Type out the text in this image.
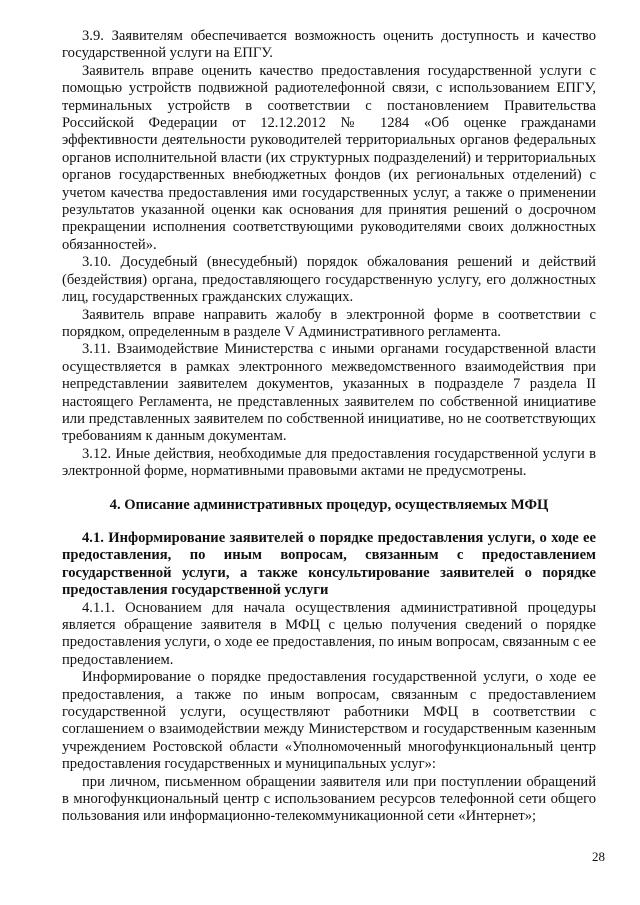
3.9. Заявителям обеспечивается возможность оценить доступность и качество государственной услуги на ЕПГУ.

Заявитель вправе оценить качество предоставления государственной услуги с помощью устройств подвижной радиотелефонной связи, с использованием ЕПГУ, терминальных устройств в соответствии с постановлением Правительства Российской Федерации от 12.12.2012 № 1284 «Об оценке гражданами эффективности деятельности руководителей территориальных органов федеральных органов исполнительной власти (их структурных подразделений) и территориальных органов государственных внебюджетных фондов (их региональных отделений) с учетом качества предоставления ими государственных услуг, а также о применении результатов указанной оценки как основания для принятия решений о досрочном прекращении исполнения соответствующими руководителями своих должностных обязанностей».

3.10. Досудебный (внесудебный) порядок обжалования решений и действий (бездействия) органа, предоставляющего государственную услугу, его должностных лиц, государственных гражданских служащих.

Заявитель вправе направить жалобу в электронной форме в соответствии с порядком, определенным в разделе V Административного регламента.

3.11. Взаимодействие Министерства с иными органами государственной власти осуществляется в рамках электронного межведомственного взаимодействия при непредставлении заявителем документов, указанных в подразделе 7 раздела II настоящего Регламента, не представленных заявителем по собственной инициативе или представленных заявителем по собственной инициативе, но не соответствующих требованиям к данным документам.

3.12. Иные действия, необходимые для предоставления государственной услуги в электронной форме, нормативными правовыми актами не предусмотрены.

4. Описание административных процедур, осуществляемых МФЦ

4.1. Информирование заявителей о порядке предоставления услуги, о ходе ее предоставления, по иным вопросам, связанным с предоставлением государственной услуги, а также консультирование заявителей о порядке предоставления государственной услуги

4.1.1. Основанием для начала осуществления административной процедуры является обращение заявителя в МФЦ с целью получения сведений о порядке предоставления услуги, о ходе ее предоставления, по иным вопросам, связанным с ее предоставлением.

Информирование о порядке предоставления государственной услуги, о ходе ее предоставления, а также по иным вопросам, связанным с предоставлением государственной услуги, осуществляют работники МФЦ в соответствии с соглашением о взаимодействии между Министерством и государственным казенным учреждением Ростовской области «Уполномоченный многофункциональный центр предоставления государственных и муниципальных услуг»:

при личном, письменном обращении заявителя или при поступлении обращений в многофункциональный центр с использованием ресурсов телефонной сети общего пользования или информационно-телекоммуникационной сети «Интернет»;

28
